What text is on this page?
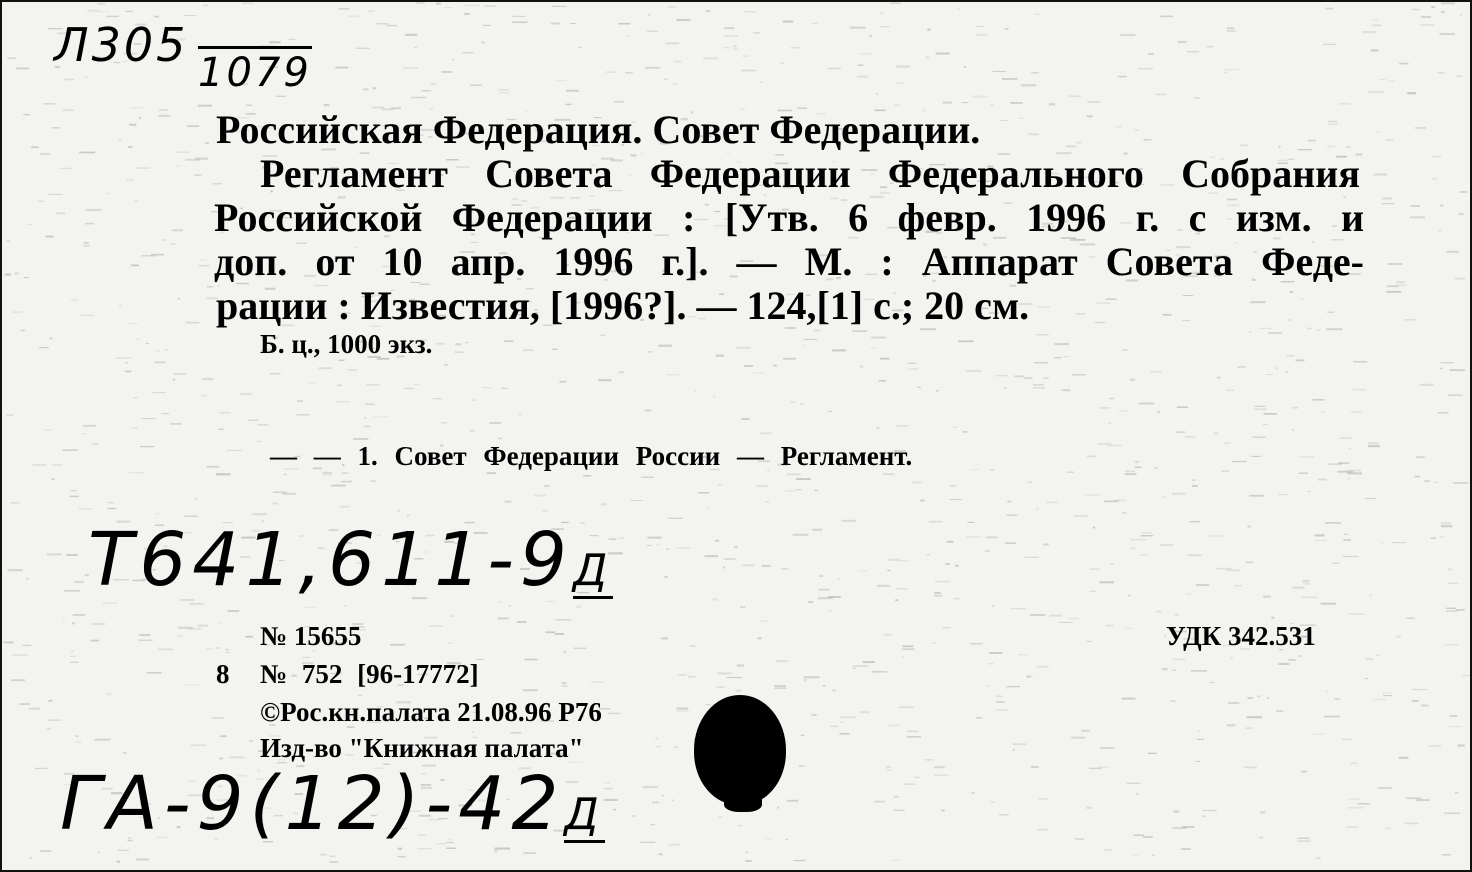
Л305
1079
Российская Федерация. Совет Федерации.
Регламент Совета Федерации Федерального Собрания
Российской Федерации : [Утв. 6 февр. 1996 г. с изм. и
доп. от 10 апр. 1996 г.]. — М. : Аппарат Совета Феде-
рации : Известия, [1996?]. — 124,[1] с.; 20 см.
Б. ц., 1000 экз.
— — 1. Совет Федерации России — Регламент.
Т641,611-9Д
№ 15655	УДК 342.531
8 № 752 [96-17772]
©Рос.кн.палата 21.08.96 Р76
Изд-во "Книжная палата"
ГА-9(12)-42Д
